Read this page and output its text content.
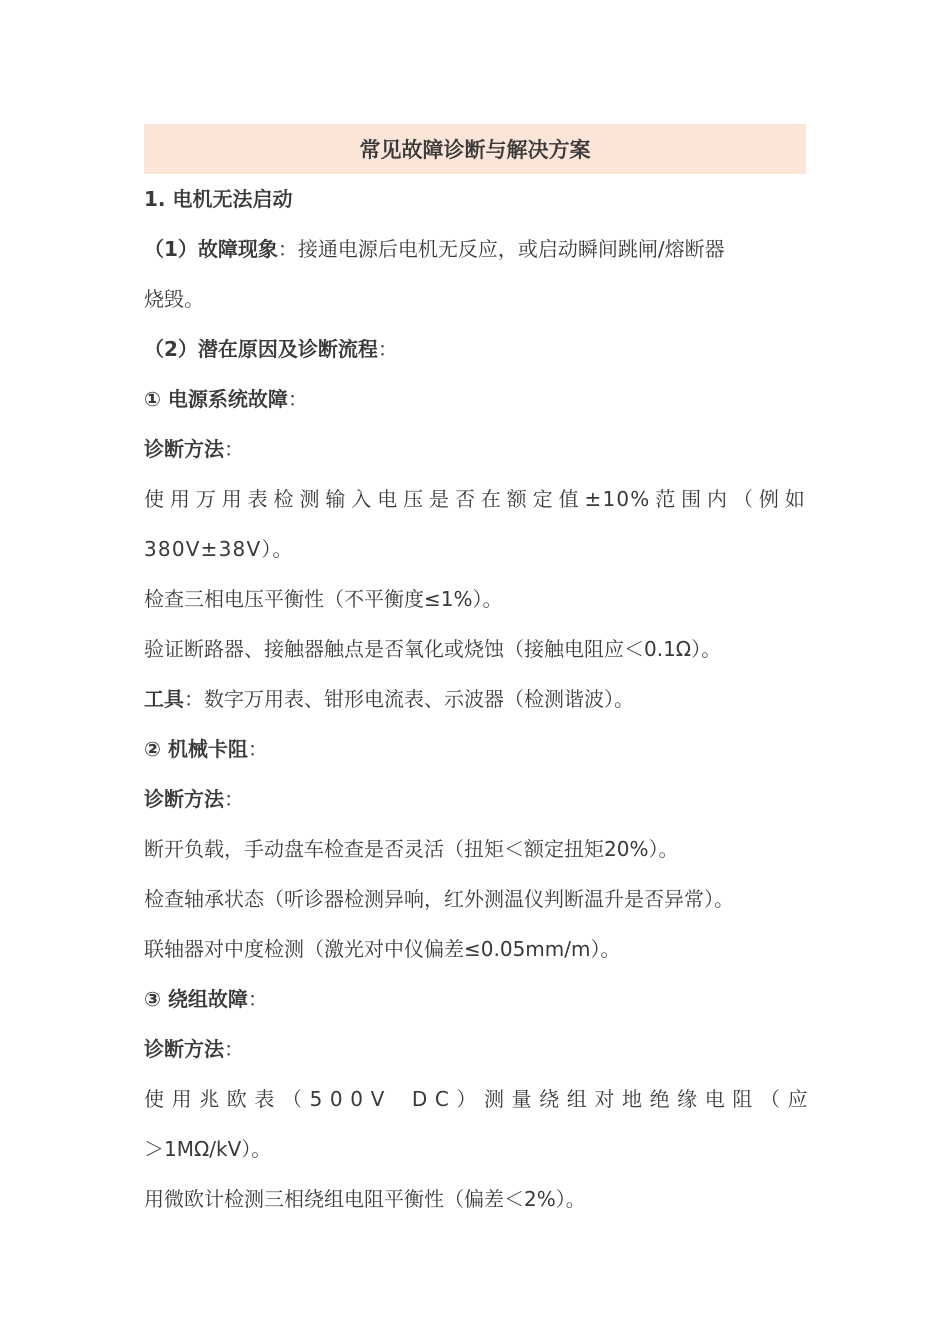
常见故障诊断与解决方案
1. 电机无法启动
（1）故障现象：接通电源后电机无反应，或启动瞬间跳闸/熔断器
烧毁。
（2）潜在原因及诊断流程：
① 电源系统故障：
诊断方法：
使用万用表检测输入电压是否在额定值±10%范围内（例如
380V±38V）。
检查三相电压平衡性（不平衡度≤1%）。
验证断路器、接触器触点是否氧化或烧蚀（接触电阻应＜0.1Ω）。
工具：数字万用表、钳形电流表、示波器（检测谐波）。
② 机械卡阻：
诊断方法：
断开负载，手动盘车检查是否灵活（扭矩＜额定扭矩20%）。
检查轴承状态（听诊器检测异响，红外测温仪判断温升是否异常）。
联轴器对中度检测（激光对中仪偏差≤0.05mm/m）。
③ 绕组故障：
诊断方法：
使用兆欧表（500V DC）测量绕组对地绝缘电阻（应
＞1MΩ/kV）。
用微欧计检测三相绕组电阻平衡性（偏差＜2%）。
